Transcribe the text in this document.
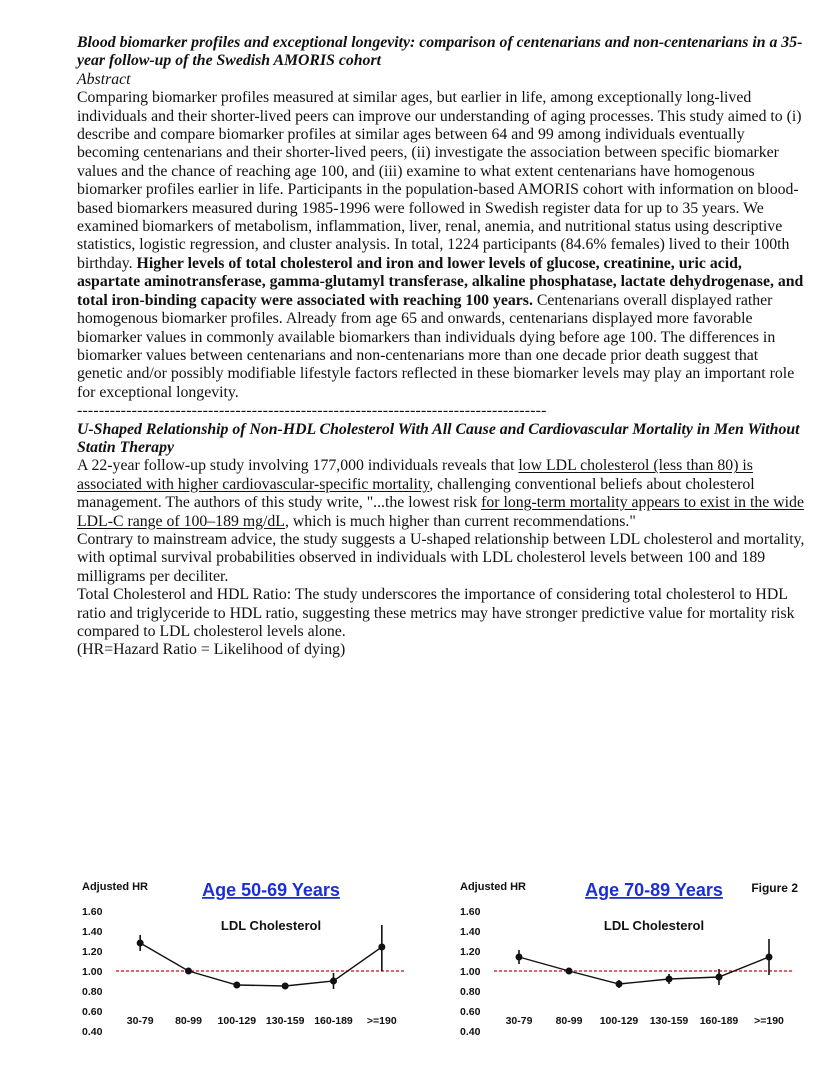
Blood biomarker profiles and exceptional longevity: comparison of centenarians and non-centenarians in a 35-year follow-up of the Swedish AMORIS cohort

Abstract

Comparing biomarker profiles measured at similar ages, but earlier in life, among exceptionally long-lived individuals and their shorter-lived peers can improve our understanding of aging processes. This study aimed to (i) describe and compare biomarker profiles at similar ages between 64 and 99 among individuals eventually becoming centenarians and their shorter-lived peers, (ii) investigate the association between specific biomarker values and the chance of reaching age 100, and (iii) examine to what extent centenarians have homogenous biomarker profiles earlier in life. Participants in the population-based AMORIS cohort with information on blood-based biomarkers measured during 1985-1996 were followed in Swedish register data for up to 35 years. We examined biomarkers of metabolism, inflammation, liver, renal, anemia, and nutritional status using descriptive statistics, logistic regression, and cluster analysis. In total, 1224 participants (84.6% females) lived to their 100th birthday. Higher levels of total cholesterol and iron and lower levels of glucose, creatinine, uric acid, aspartate aminotransferase, gamma-glutamyl transferase, alkaline phosphatase, lactate dehydrogenase, and total iron-binding capacity were associated with reaching 100 years. Centenarians overall displayed rather homogenous biomarker profiles. Already from age 65 and onwards, centenarians displayed more favorable biomarker values in commonly available biomarkers than individuals dying before age 100. The differences in biomarker values between centenarians and non-centenarians more than one decade prior death suggest that genetic and/or possibly modifiable lifestyle factors reflected in these biomarker levels may play an important role for exceptional longevity.

--------------------------------------------------------------------------------------

U-Shaped Relationship of Non-HDL Cholesterol With All Cause and Cardiovascular Mortality in Men Without Statin Therapy

A 22-year follow-up study involving 177,000 individuals reveals that low LDL cholesterol (less than 80) is associated with higher cardiovascular-specific mortality, challenging conventional beliefs about cholesterol management. The authors of this study write, "...the lowest risk for long-term mortality appears to exist in the wide LDL-C range of 100–189 mg/dL, which is much higher than current recommendations."

Contrary to mainstream advice, the study suggests a U-shaped relationship between LDL cholesterol and mortality, with optimal survival probabilities observed in individuals with LDL cholesterol levels between 100 and 189 milligrams per deciliter.

Total Cholesterol and HDL Ratio: The study underscores the importance of considering total cholesterol to HDL ratio and triglyceride to HDL ratio, suggesting these metrics may have stronger predictive value for mortality risk compared to LDL cholesterol levels alone.

(HR=Hazard Ratio = Likelihood of dying)

Adjusted HR	Age 50-69 Years
LDL Cholesterol
1.60
1.40
1.20
1.00
0.80
0.60
0.40
30-79 80-99 100-129 130-159 160-189 >=190
Adjusted HR	Age 70-89 Years
LDL Cholesterol
Figure 2
1.60
1.40
1.20
1.00
0.80
0.60
0.40
30-79 80-99 100-129 130-159 160-189 >=190
